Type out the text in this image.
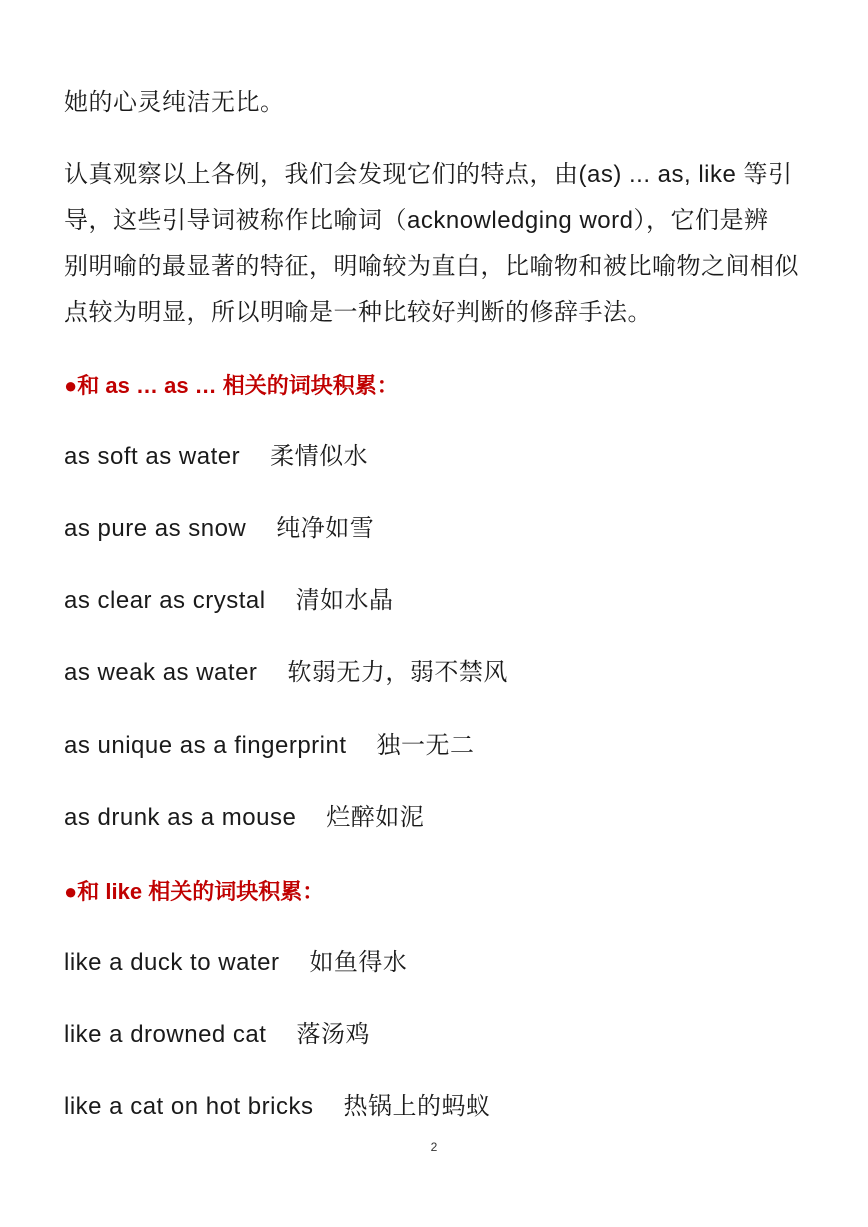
她的心灵纯洁无比。
认真观察以上各例，我们会发现它们的特点，由(as) ... as, like 等引
导，这些引导词被称作比喻词（acknowledging word），它们是辨
别明喻的最显著的特征，明喻较为直白，比喻物和被比喻物之间相似
点较为明显，所以明喻是一种比较好判断的修辞手法。
●和 as … as … 相关的词块积累：
as soft as water 柔情似水
as pure as snow 纯净如雪
as clear as crystal 清如水晶
as weak as water 软弱无力，弱不禁风
as unique as a fingerprint 独一无二
as drunk as a mouse 烂醉如泥
●和 like 相关的词块积累：
like a duck to water 如鱼得水
like a drowned cat 落汤鸡
like a cat on hot bricks 热锅上的蚂蚁
2
